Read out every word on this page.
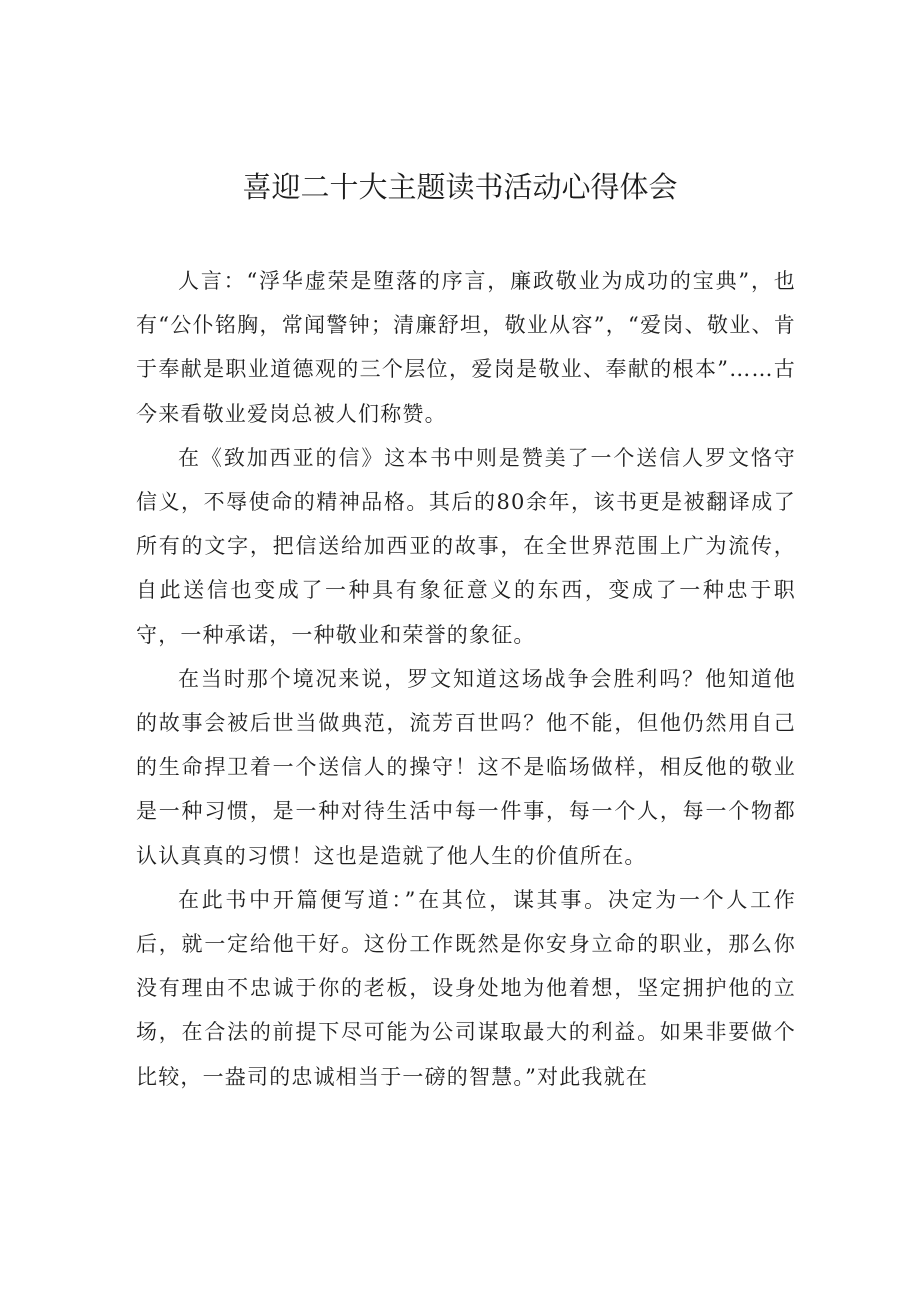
喜迎二十大主题读书活动心得体会

人言：“浮华虚荣是堕落的序言，廉政敬业为成功的宝典”，也有“公仆铭胸，常闻警钟；清廉舒坦，敬业从容”，“爱岗、敬业、肯于奉献是职业道德观的三个层位，爱岗是敬业、奉献的根本”……古今来看敬业爱岗总被人们称赞。

在《致加西亚的信》这本书中则是赞美了一个送信人罗文恪守信义，不辱使命的精神品格。其后的80余年，该书更是被翻译成了所有的文字，把信送给加西亚的故事，在全世界范围上广为流传，自此送信也变成了一种具有象征意义的东西，变成了一种忠于职守，一种承诺，一种敬业和荣誉的象征。

在当时那个境况来说，罗文知道这场战争会胜利吗？他知道他的故事会被后世当做典范，流芳百世吗？他不能，但他仍然用自己的生命捍卫着一个送信人的操守！这不是临场做样，相反他的敬业是一种习惯，是一种对待生活中每一件事，每一个人，每一个物都认认真真的习惯！这也是造就了他人生的价值所在。

在此书中开篇便写道：”在其位，谋其事。决定为一个人工作后，就一定给他干好。这份工作既然是你安身立命的职业，那么你没有理由不忠诚于你的老板，设身处地为他着想，坚定拥护他的立场，在合法的前提下尽可能为公司谋取最大的利益。如果非要做个比较，一盎司的忠诚相当于一磅的智慧。”对此我就在
